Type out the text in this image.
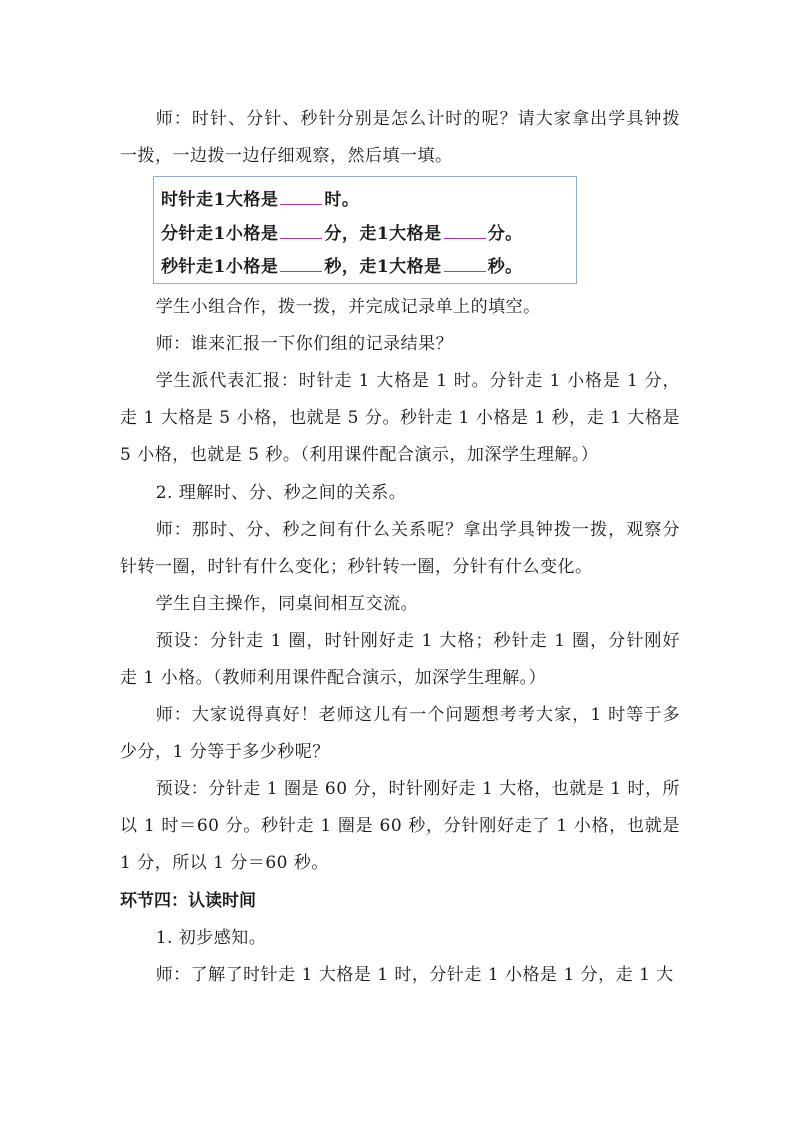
师：时针、分针、秒针分别是怎么计时的呢？请大家拿出学具钟拨一拨，一边拨一边仔细观察，然后填一填。

时针走1大格是	时。
分针走1小格是	分，走1大格是	分。
秒针走1小格是	秒，走1大格是	秒。

学生小组合作，拨一拨，并完成记录单上的填空。

师：谁来汇报一下你们组的记录结果？

学生派代表汇报：时针走 1 大格是 1 时。分针走 1 小格是 1 分，走 1 大格是 5 小格，也就是 5 分。秒针走 1 小格是 1 秒，走 1 大格是 5 小格，也就是 5 秒。（利用课件配合演示，加深学生理解。）

2. 理解时、分、秒之间的关系。

师：那时、分、秒之间有什么关系呢？拿出学具钟拨一拨，观察分针转一圈，时针有什么变化；秒针转一圈，分针有什么变化。

学生自主操作，同桌间相互交流。

预设：分针走 1 圈，时针刚好走 1 大格；秒针走 1 圈，分针刚好走 1 小格。（教师利用课件配合演示，加深学生理解。）

师：大家说得真好！老师这儿有一个问题想考考大家，1 时等于多少分，1 分等于多少秒呢？

预设：分针走 1 圈是 60 分，时针刚好走 1 大格，也就是 1 时，所以 1 时＝60 分。秒针走 1 圈是 60 秒，分针刚好走了 1 小格，也就是 1 分，所以 1 分＝60 秒。

环节四：认读时间

1. 初步感知。

师：了解了时针走 1 大格是 1 时，分针走 1 小格是 1 分，走 1 大
